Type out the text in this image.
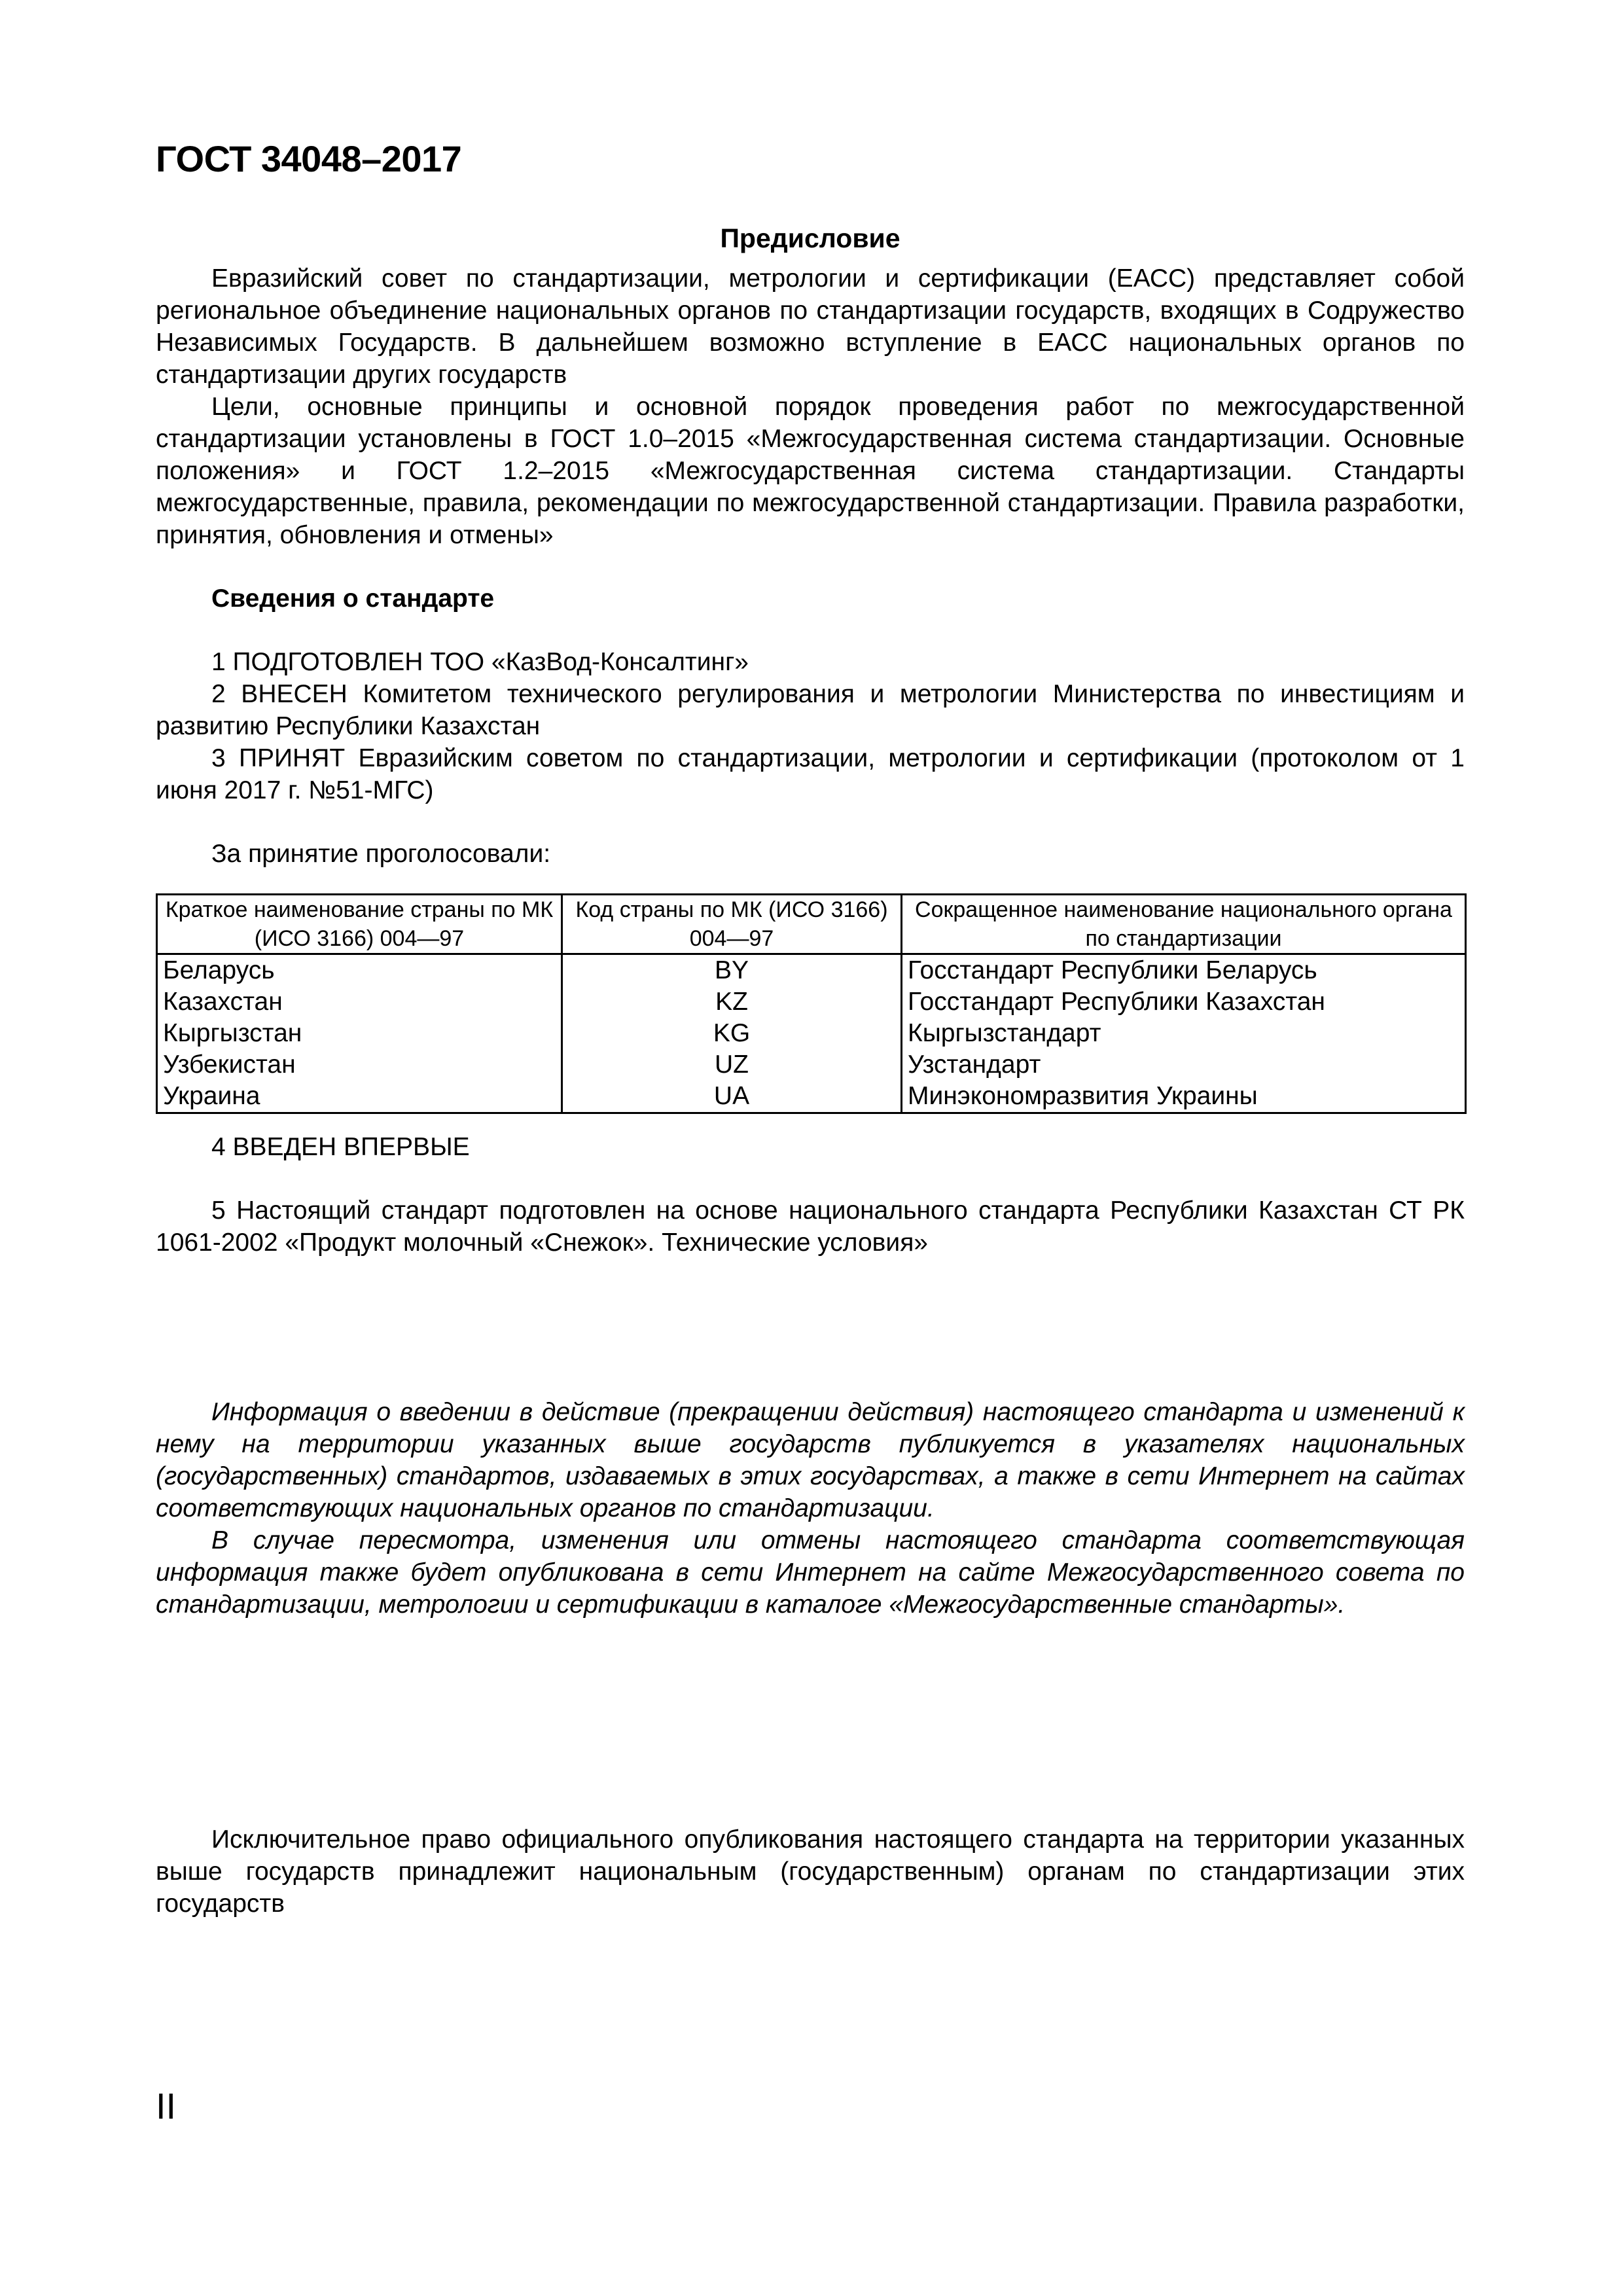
ГОСТ 34048–2017
Предисловие

Евразийский совет по стандартизации, метрологии и сертификации (ЕАСС) представляет собой региональное объединение национальных органов по стандартизации государств, входящих в Содружество Независимых Государств. В дальнейшем возможно вступление в ЕАСС национальных органов по стандартизации других государств

Цели, основные принципы и основной порядок проведения работ по межгосударственной стандартизации установлены в ГОСТ 1.0–2015 «Межгосударственная система стандартизации. Основные положения» и ГОСТ 1.2–2015 «Межгосударственная система стандартизации. Стандарты межгосударственные, правила, рекомендации по межгосударственной стандартизации. Правила разработки, принятия, обновления и отмены»

Сведения о стандарте

1 ПОДГОТОВЛЕН ТОО «КазВод-Консалтинг»

2 ВНЕСЕН Комитетом технического регулирования и метрологии Министерства по инвестициям и развитию Республики Казахстан

3 ПРИНЯТ Евразийским советом по стандартизации, метрологии и сертификации (протоколом от 1 июня 2017 г. №51-МГС)

За принятие проголосовали:

Краткое наименование страны по МК (ИСО 3166) 004—97	Код страны по МК (ИСО 3166) 004—97	Сокращенное наименование национального органа по стандартизации
Беларусь	BY	Госстандарт Республики Беларусь
Казахстан	KZ	Госстандарт Республики Казахстан
Кыргызстан	KG	Кыргызстандарт
Узбекистан	UZ	Узстандарт
Украина	UA	Минэкономразвития Украины

4 ВВЕДЕН ВПЕРВЫЕ

5 Настоящий стандарт подготовлен на основе национального стандарта Республики Казахстан СТ РК 1061-2002 «Продукт молочный «Снежок». Технические условия»

Информация о введении в действие (прекращении действия) настоящего стандарта и изменений к нему на территории указанных выше государств публикуется в указателях национальных (государственных) стандартов, издаваемых в этих государствах, а также в сети Интернет на сайтах соответствующих национальных органов по стандартизации.

В случае пересмотра, изменения или отмены настоящего стандарта соответствующая информация также будет опубликована в сети Интернет на сайте Межгосударственного совета по стандартизации, метрологии и сертификации в каталоге «Межгосударственные стандарты».

Исключительное право официального опубликования настоящего стандарта на территории указанных выше государств принадлежит национальным (государственным) органам по стандартизации этих государств

II
